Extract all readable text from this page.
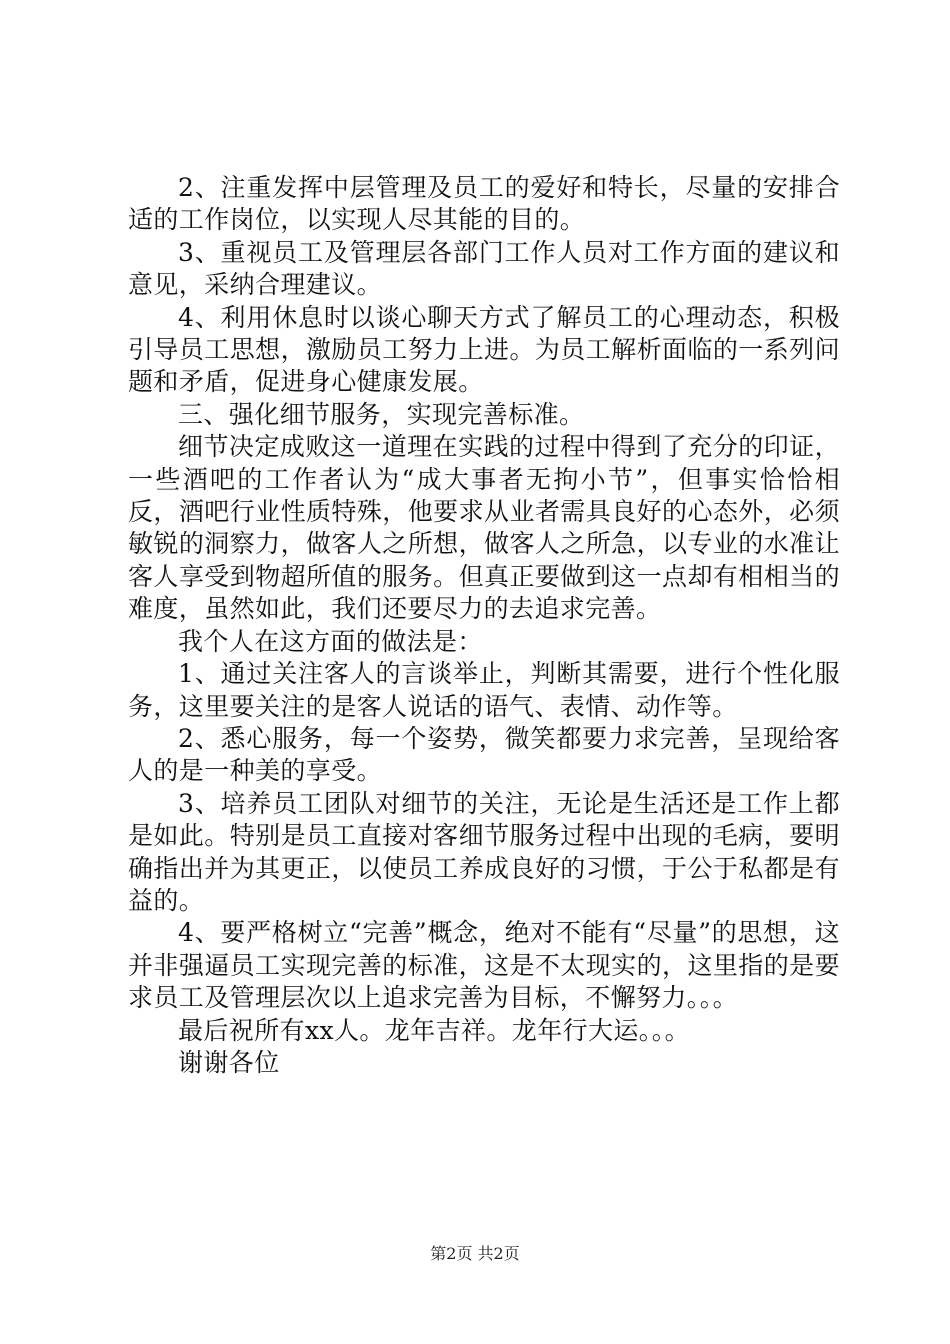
2、注重发挥中层管理及员工的爱好和特长，尽量的安排合适的工作岗位，以实现人尽其能的目的。

3、重视员工及管理层各部门工作人员对工作方面的建议和意见，采纳合理建议。

4、利用休息时以谈心聊天方式了解员工的心理动态，积极引导员工思想，激励员工努力上进。为员工解析面临的一系列问题和矛盾，促进身心健康发展。

三、强化细节服务，实现完善标准。

细节决定成败这一道理在实践的过程中得到了充分的印证，一些酒吧的工作者认为“成大事者无拘小节”，但事实恰恰相反，酒吧行业性质特殊，他要求从业者需具良好的心态外，必须敏锐的洞察力，做客人之所想，做客人之所急，以专业的水准让客人享受到物超所值的服务。但真正要做到这一点却有相相当的难度，虽然如此，我们还要尽力的去追求完善。

我个人在这方面的做法是：

1、通过关注客人的言谈举止，判断其需要，进行个性化服务，这里要关注的是客人说话的语气、表情、动作等。

2、悉心服务，每一个姿势，微笑都要力求完善，呈现给客人的是一种美的享受。

3、培养员工团队对细节的关注，无论是生活还是工作上都是如此。特别是员工直接对客细节服务过程中出现的毛病，要明确指出并为其更正，以使员工养成良好的习惯，于公于私都是有益的。

4、要严格树立“完善”概念，绝对不能有“尽量”的思想，这并非强逼员工实现完善的标准，这是不太现实的，这里指的是要求员工及管理层次以上追求完善为目标，不懈努力。。。

最后祝所有xx人。龙年吉祥。龙年行大运。。。

谢谢各位

第2页 共2页
